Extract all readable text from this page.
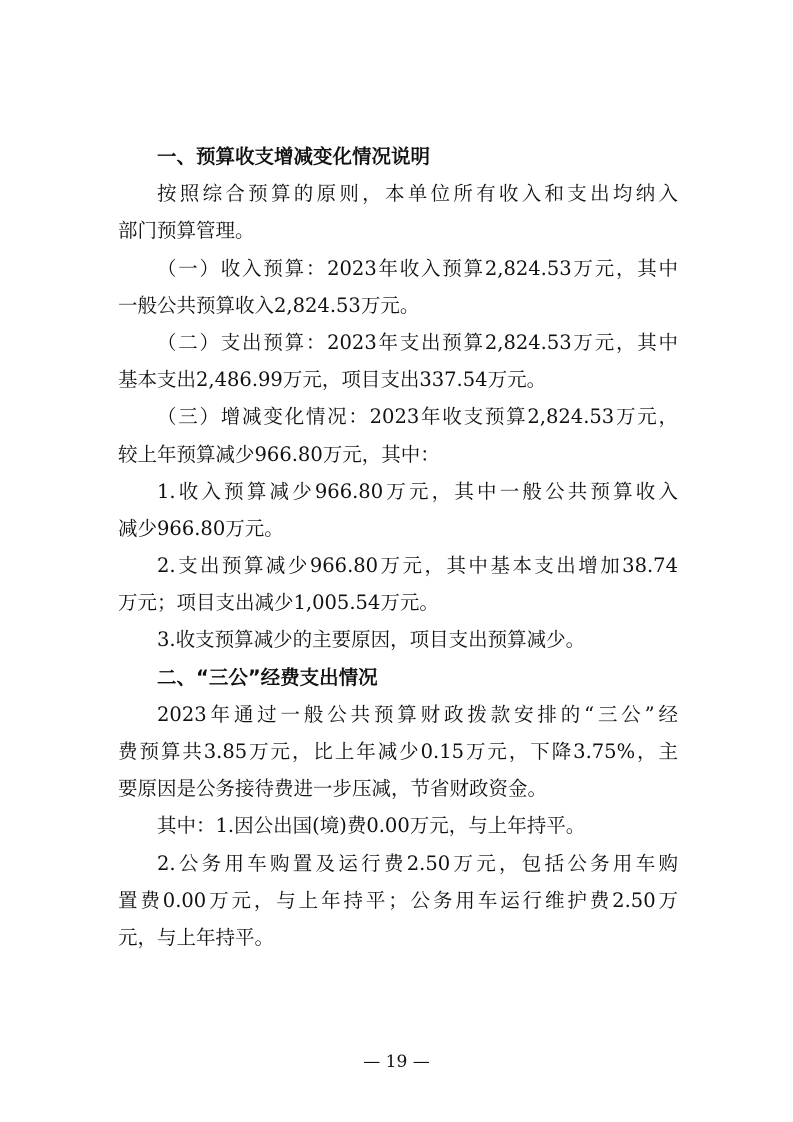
一、预算收支增减变化情况说明
按照综合预算的原则，本单位所有收入和支出均纳入
部门预算管理。
（一）收入预算：2023年收入预算2,824.53万元，其中
一般公共预算收入2,824.53万元。
（二）支出预算：2023年支出预算2,824.53万元，其中
基本支出2,486.99万元，项目支出337.54万元。
（三）增减变化情况：2023年收支预算2,824.53万元，
较上年预算减少966.80万元，其中：
1.收入预算减少966.80万元，其中一般公共预算收入
减少966.80万元。
2.支出预算减少966.80万元，其中基本支出增加38.74
万元；项目支出减少1,005.54万元。
3.收支预算减少的主要原因，项目支出预算减少。
二、“三公”经费支出情况
2023年通过一般公共预算财政拨款安排的“三公”经
费预算共3.85万元，比上年减少0.15万元，下降3.75%，主
要原因是公务接待费进一步压减，节省财政资金。
其中：1.因公出国(境)费0.00万元，与上年持平。
2.公务用车购置及运行费2.50万元，包括公务用车购
置费0.00万元，与上年持平；公务用车运行维护费2.50万
元，与上年持平。
— 19 —
